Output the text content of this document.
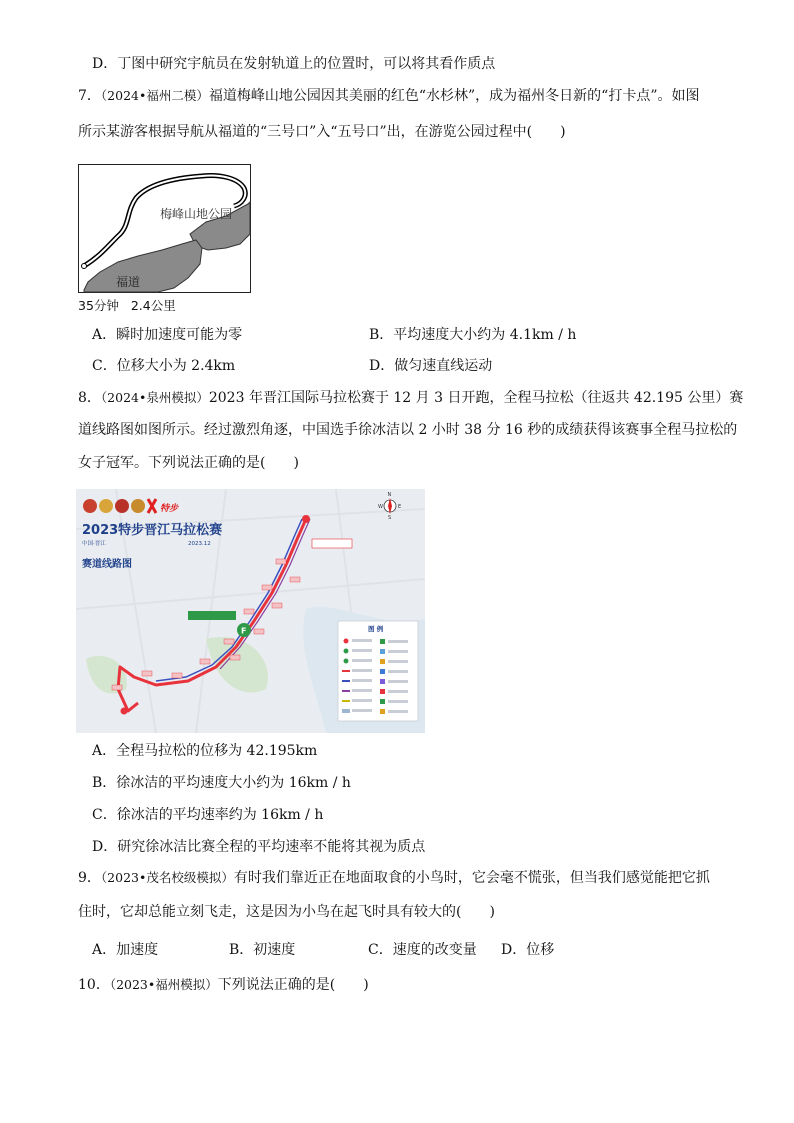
D．丁图中研究宇航员在发射轨道上的位置时，可以将其看作质点
7．（2024•福州二模）福道梅峰山地公园因其美丽的红色“水杉林”，成为福州冬日新的“打卡点”。如图
所示某游客根据导航从福道的“三号口”入“五号口”出，在游览公园过程中(　　)
梅峰山地公园
福道
35分钟 2.4公里
A．瞬时加速度可能为零	B．平均速度大小约为 4.1km / h
C．位移大小为 2.4km	D．做匀速直线运动
8．（2024•泉州模拟）2023 年晋江国际马拉松赛于 12 月 3 日开跑，全程马拉松（往返共 42.195 公里）赛
道线路图如图所示。经过激烈角逐，中国选手徐冰洁以 2 小时 38 分 16 秒的成绩获得该赛事全程马拉松的
女子冠军。下列说法正确的是(　　)
特步
2023特步晋江马拉松赛
中国·晋江	2023.12
赛道线路图
N
W	E
S
F	图 例
A．全程马拉松的位移为 42.195km
B．徐冰洁的平均速度大小约为 16km / h
C．徐冰洁的平均速率约为 16km / h
D．研究徐冰洁比赛全程的平均速率不能将其视为质点
9．（2023•茂名校级模拟）有时我们靠近正在地面取食的小鸟时，它会毫不慌张，但当我们感觉能把它抓
住时，它却总能立刻飞走，这是因为小鸟在起飞时具有较大的(　　)
A．加速度	B．初速度	C．速度的改变量 D．位移
10．（2023•福州模拟）下列说法正确的是(　　)
